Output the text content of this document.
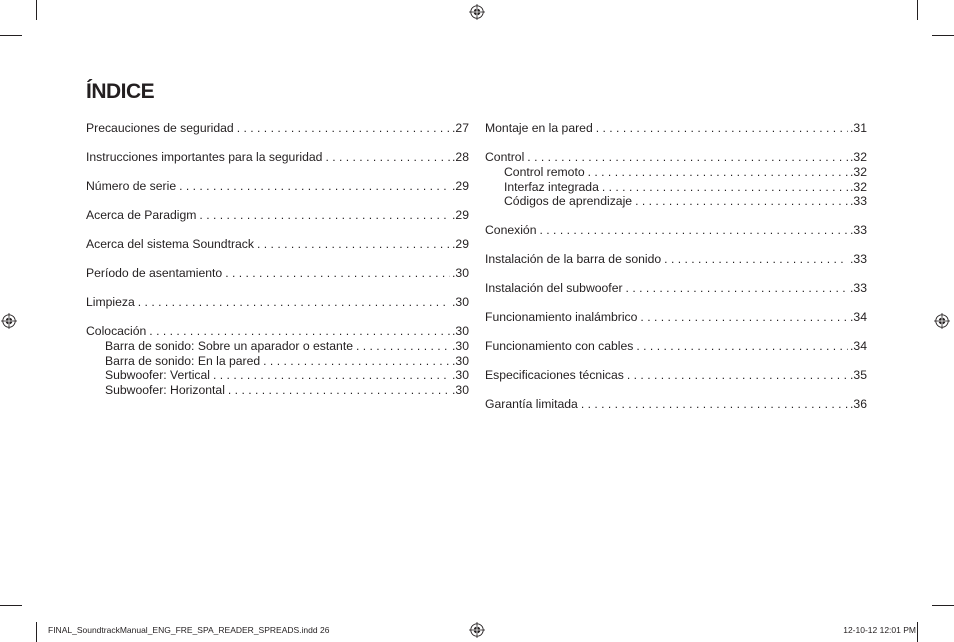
ÍNDICE
Precauciones de seguridad . . .	.27
Instrucciones importantes para la seguridad . . .	.28
Número de serie . . .	.29
Acerca de Paradigm . . .	.29
Acerca del sistema Soundtrack . . .	.29
Período de asentamiento . . .	.30
Limpieza . . .	.30
Colocación . . .	.30
Barra de sonido: Sobre un aparador o estante . . .	.30
Barra de sonido: En la pared . . .	.30
Subwoofer: Vertical . . .	.30
Subwoofer: Horizontal . . .	.30
Montaje en la pared . . .	.31
Control . . .	.32
Control remoto . . .	.32
Interfaz integrada . . .	.32
Códigos de aprendizaje . . .	.33
Conexión . . .	.33
Instalación de la barra de sonido . . .	.33
Instalación del subwoofer . . .	.33
Funcionamiento inalámbrico . . .	.34
Funcionamiento con cables . . .	.34
Especificaciones técnicas . . .	.35
Garantía limitada . . .	.36
FINAL_SoundtrackManual_ENG_FRE_SPA_READER_SPREADS.indd 26	12-10-12 12:01 PM
